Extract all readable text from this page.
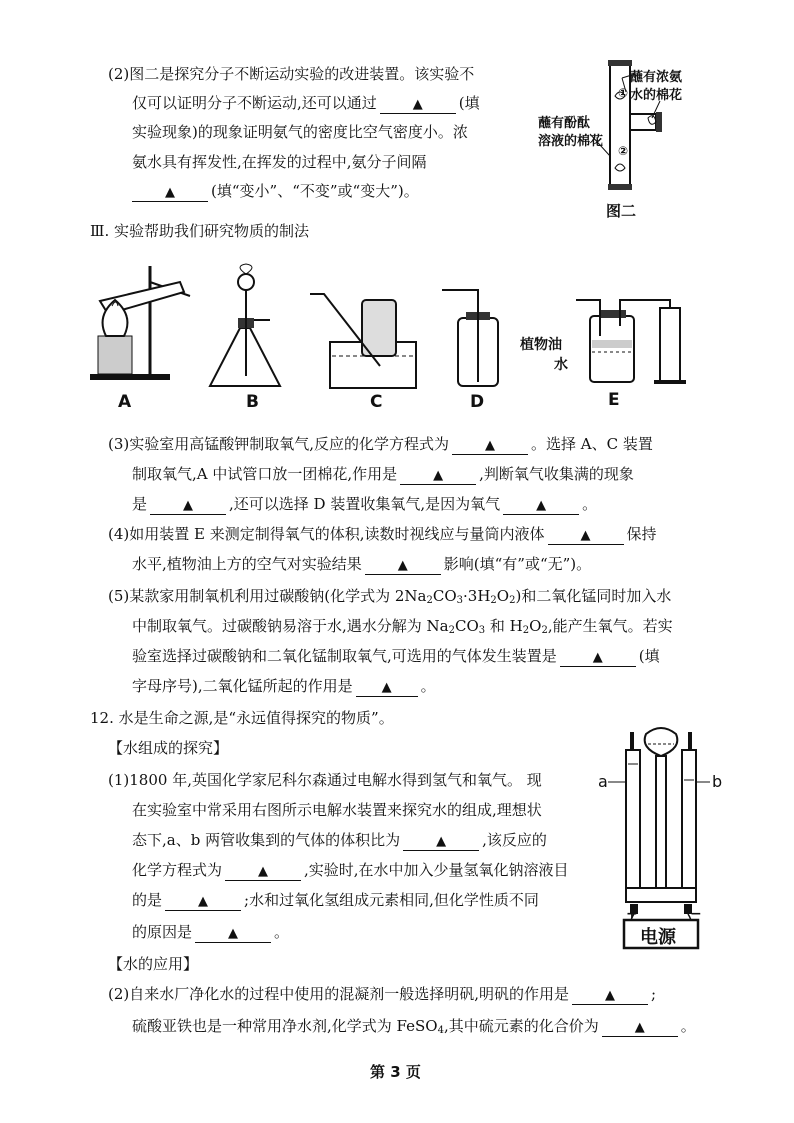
(2)图二是探究分子不断运动实验的改进装置。该实验不
仅可以证明分子不断运动,还可以通过	▲ (填
实验现象)的现象证明氨气的密度比空气密度小。浓
氨水具有挥发性,在挥发的过程中,氨分子间隔
▲ (填“变小”、“不变”或“变大”)。
①
②
蘸有浓氨
水的棉花
蘸有酚酞
溶液的棉花
图二
Ⅲ. 实验帮助我们研究物质的制法
A	B	C	D	E
植物油
水
(3)实验室用高锰酸钾制取氧气,反应的化学方程式为	▲ 。选择 A、C 装置
制取氧气,A 中试管口放一团棉花,作用是	▲ ,判断氧气收集满的现象
是	▲ ,还可以选择 D 装置收集氧气,是因为氧气	▲ 。
(4)如用装置 E 来测定制得氧气的体积,读数时视线应与量筒内液体	▲ 保持
水平,植物油上方的空气对实验结果	▲ 影响(填“有”或“无”)。
(5)某款家用制氧机利用过碳酸钠(化学式为 $2Na_2CO_3\cdot 3H_2O_2$)和二氧化锰同时加入水
中制取氧气。过碳酸钠易溶于水,遇水分解为 $Na_2CO_3$ 和 $H_2O_2$,能产生氧气。若实
验室选择过碳酸钠和二氧化锰制取氧气,可选用的气体发生装置是	▲ (填
字母序号),二氧化锰所起的作用是 ▲ 。
12. 水是生命之源,是“永远值得探究的物质”。
【水组成的探究】
(1)1800 年,英国化学家尼科尔森通过电解水得到氢气和氧气。 现
在实验室中常采用右图所示电解水装置来探究水的组成,理想状
态下,a、b 两管收集到的气体的体积比为	▲ ,该反应的
化学方程式为	▲ ,实验时,在水中加入少量氢氧化钠溶液目
的是	▲ ;水和过氧化氢组成元素相同,但化学性质不同
的原因是	▲ 。
【水的应用】
(2)自来水厂净化水的过程中使用的混凝剂一般选择明矾,明矾的作用是	▲ ;
硫酸亚铁也是一种常用净水剂,化学式为 FeSO$_4$,其中硫元素的化合价为	▲ 。
a	b
+	−
电源
第 3 页
